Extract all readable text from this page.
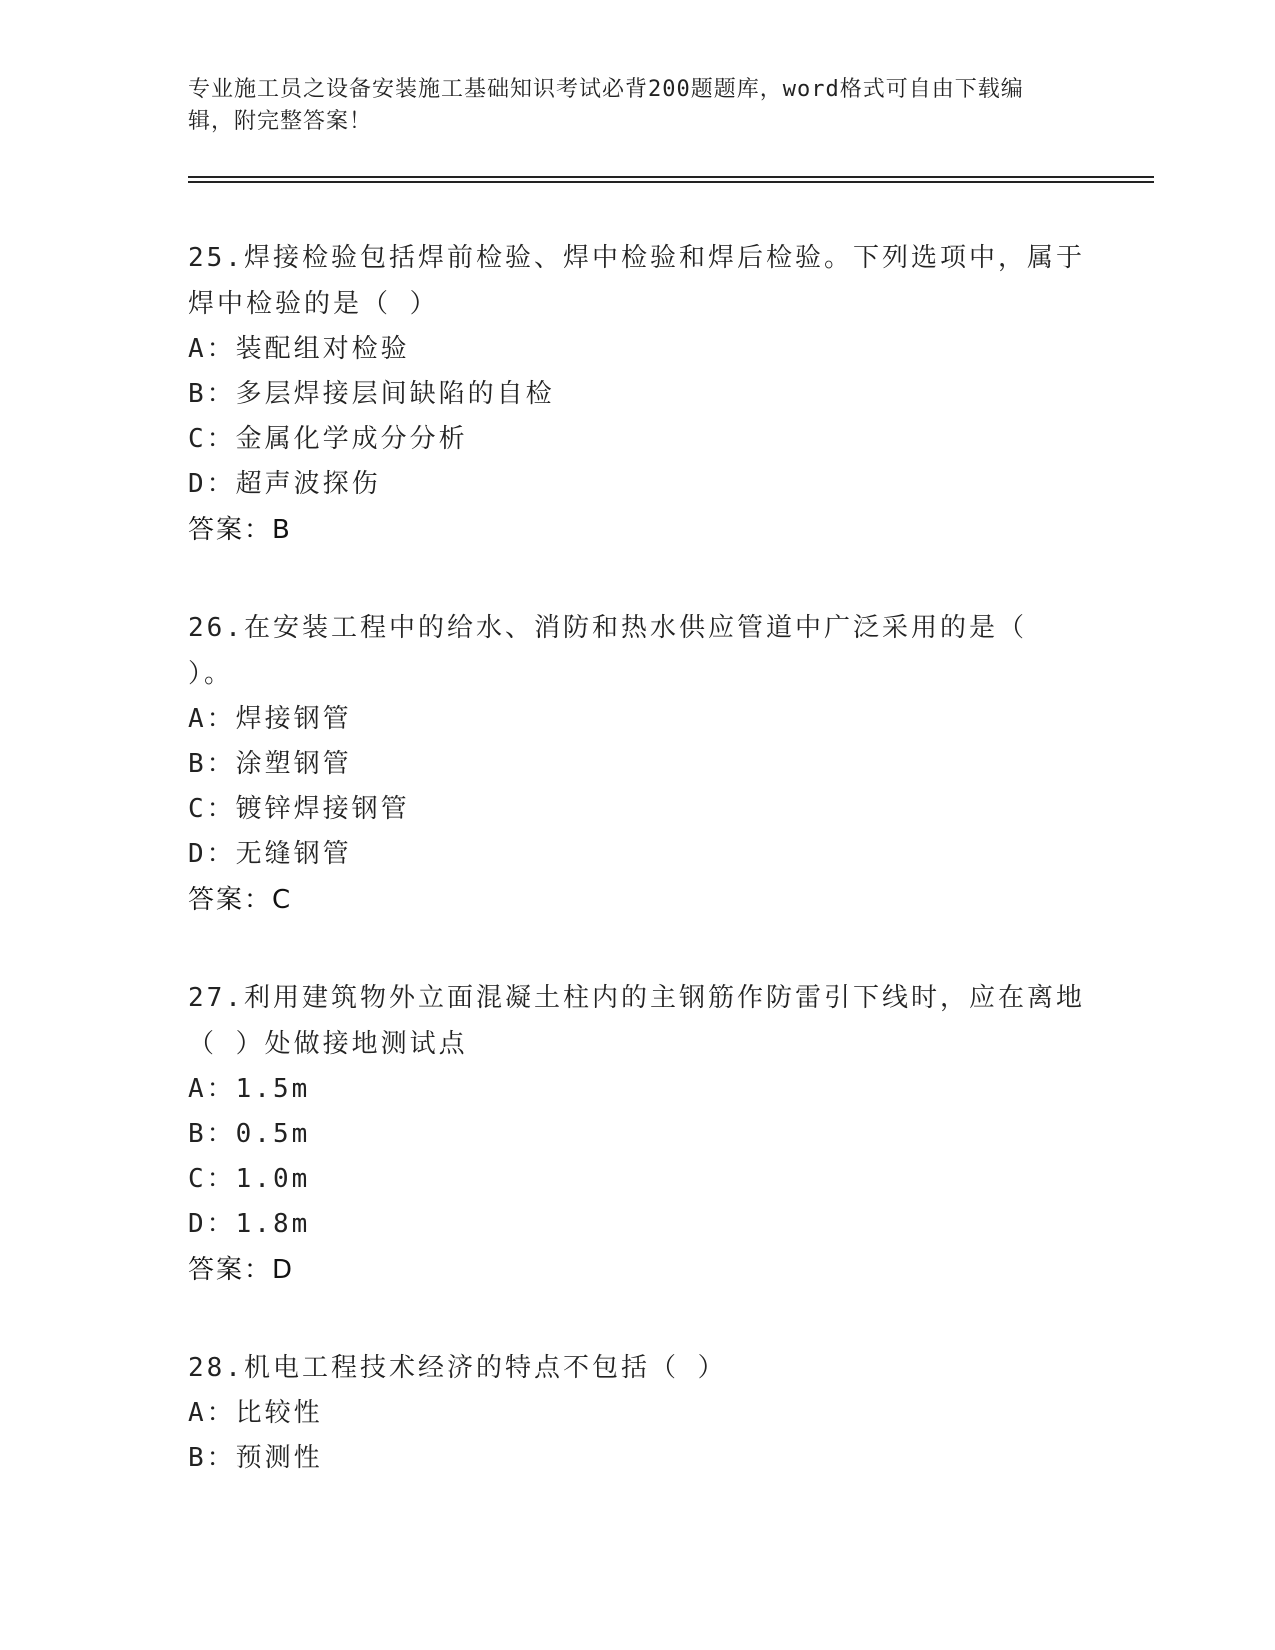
专业施工员之设备安装施工基础知识考试必背200题题库，word格式可自由下载编辑，附完整答案！

25.焊接检验包括焊前检验、焊中检验和焊后检验。下列选项中，属于焊中检验的是（ ）

A：装配组对检验
B：多层焊接层间缺陷的自检
C：金属化学成分分析
D：超声波探伤
答案：B

26.在安装工程中的给水、消防和热水供应管道中广泛采用的是（ ）。

A：焊接钢管
B：涂塑钢管
C：镀锌焊接钢管
D：无缝钢管
答案：C

27.利用建筑物外立面混凝土柱内的主钢筋作防雷引下线时，应在离地（ ）处做接地测试点

A：1.5m
B：0.5m
C：1.0m
D：1.8m
答案：D

28.机电工程技术经济的特点不包括（ ）

A：比较性
B：预测性
